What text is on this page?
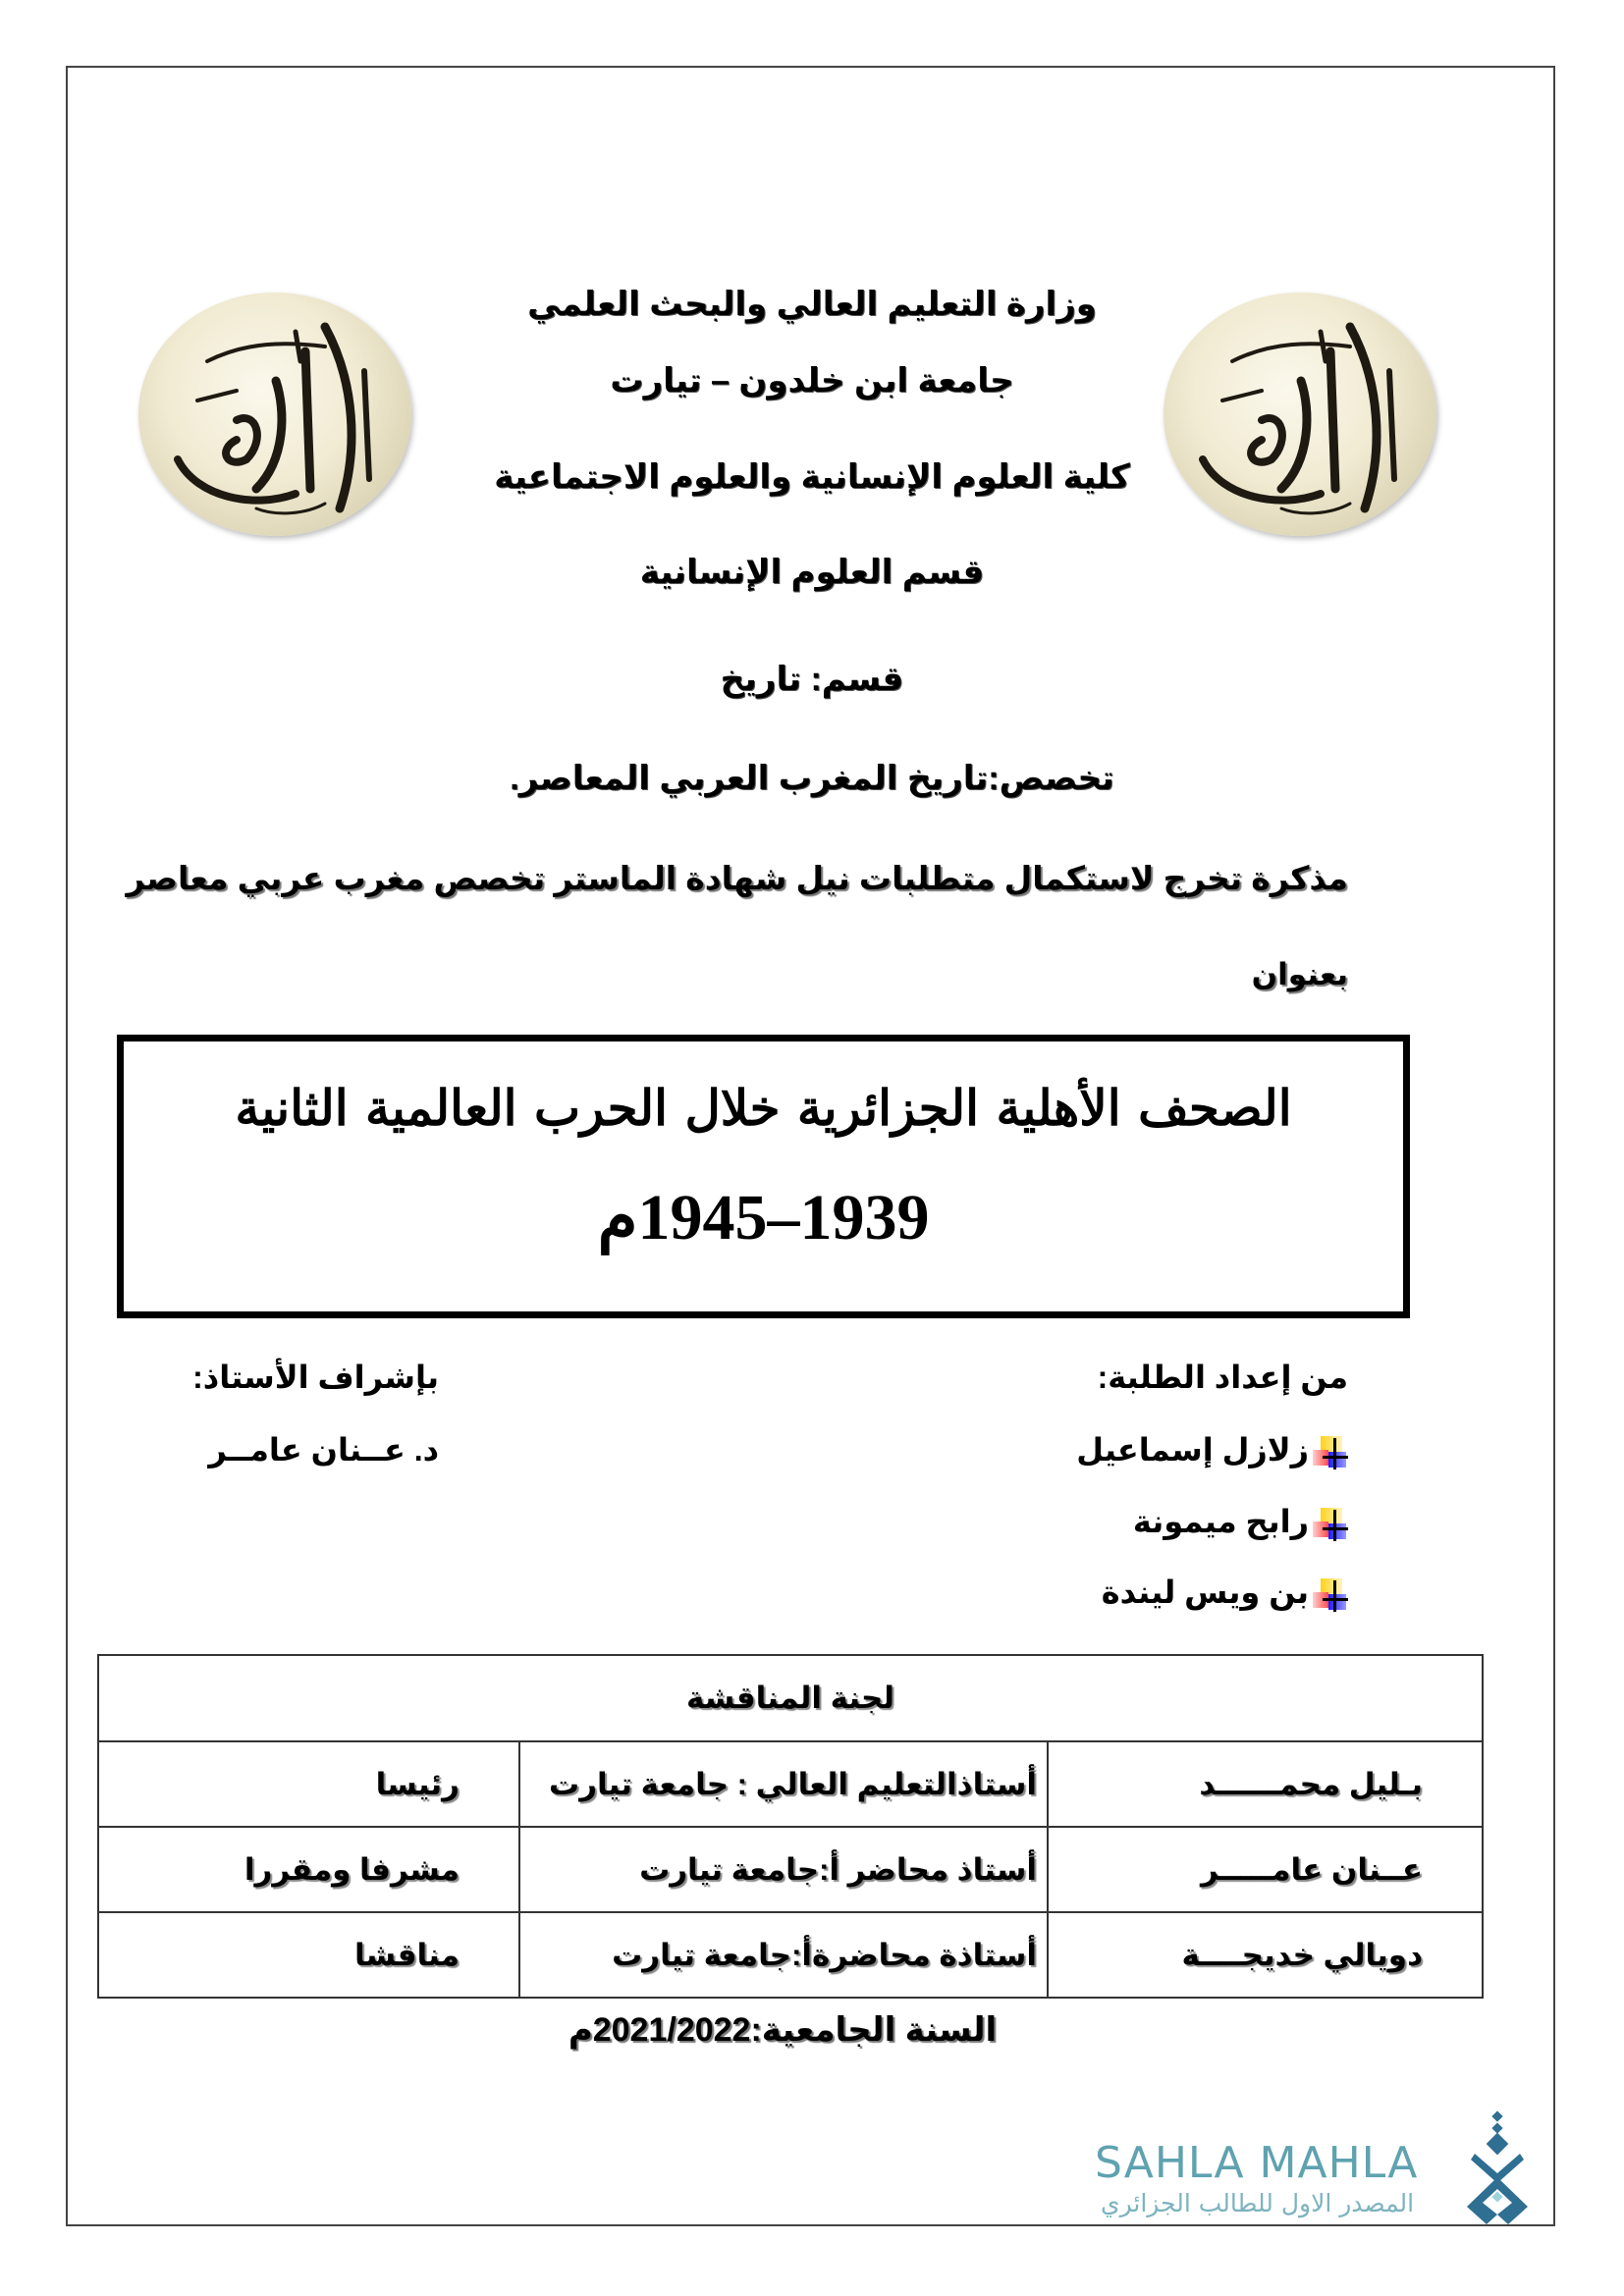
وزارة التعليم العالي والبحث العلمي
جامعة ابن خلدون – تيارت
كلية العلوم الإنسانية والعلوم الاجتماعية
قسم العلوم الإنسانية
قسم: تاريخ
تخصص:تاريخ المغرب العربي المعاصر.
مذكرة تخرج لاستكمال متطلبات نيل شهادة الماستر تخصص مغرب عربي معاصر
بعنوان
الصحف الأهلية الجزائرية خلال الحرب العالمية الثانية
1939–1945م
من إعداد الطلبة:
زلازل إسماعيل
رابح ميمونة
بن ويس ليندة
بإشراف الأستاذ:
د. عــنان عامــر
لجنة المناقشة		
بـليل محمــــــد	أستاذالتعليم العالي : جامعة تيارت	رئيسا
عــنان عامـــــر	أستاذ محاضر أ:جامعة تيارت	مشرفا ومقررا
دويالي خديجــــة	أستاذة محاضرةأ:جامعة تيارت	مناقشا
السنة الجامعية:2021/2022م
SAHLA MAHLA
المصدر الاول للطالب الجزائري
